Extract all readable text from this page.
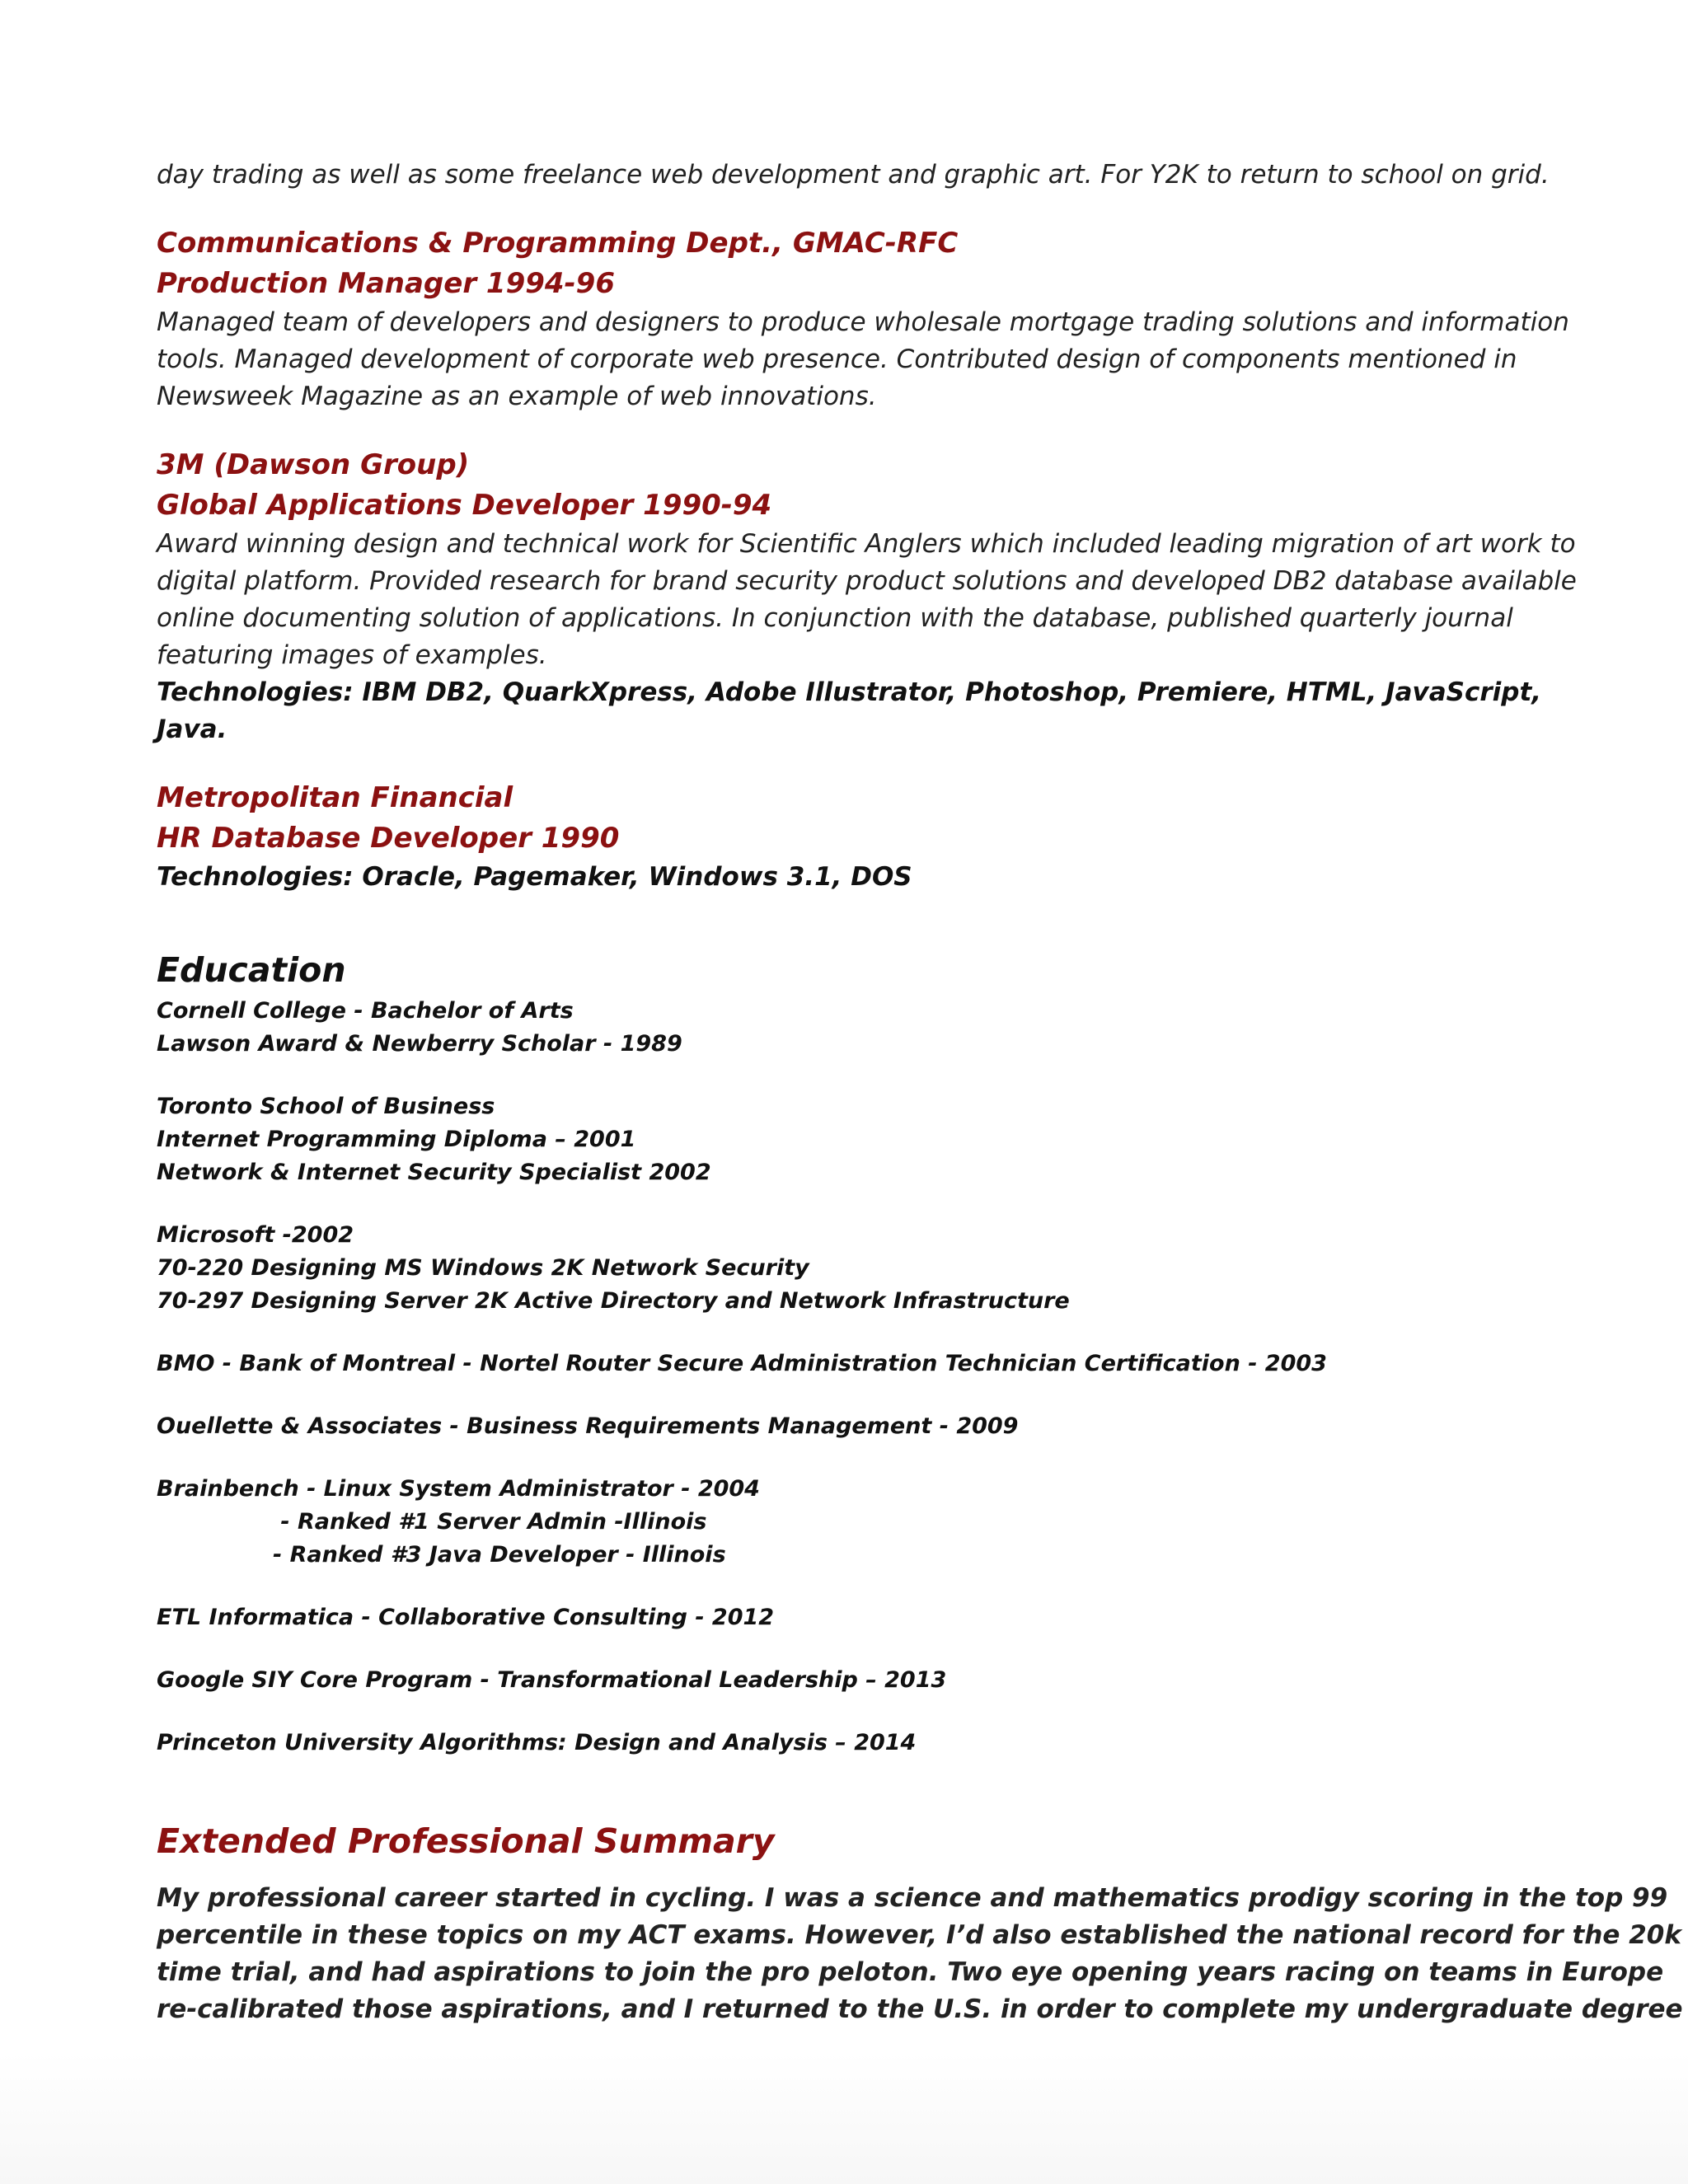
day trading as well as some freelance web development and graphic art. For Y2K to return to school on grid.

Communications & Programming Dept., GMAC-RFC

Production Manager 1994-96

Managed team of developers and designers to produce wholesale mortgage trading solutions and information
tools. Managed development of corporate web presence. Contributed design of components mentioned in
Newsweek Magazine as an example of web innovations.

3M (Dawson Group)

Global Applications Developer 1990-94

Award winning design and technical work for Scientific Anglers which included leading migration of art work to
digital platform. Provided research for brand security product solutions and developed DB2 database available
online documenting solution of applications. In conjunction with the database, published quarterly journal
featuring images of examples.

Technologies: IBM DB2, QuarkXpress, Adobe Illustrator, Photoshop, Premiere, HTML, JavaScript, Java.

Metropolitan Financial

HR Database Developer 1990

Technologies: Oracle, Pagemaker, Windows 3.1, DOS

Education

Cornell College - Bachelor of Arts

Lawson Award & Newberry Scholar - 1989

Toronto School of Business

Internet Programming Diploma – 2001

Network & Internet Security Specialist 2002

Microsoft -2002

70-220 Designing MS Windows 2K Network Security

70-297 Designing Server 2K Active Directory and Network Infrastructure

BMO - Bank of Montreal - Nortel Router Secure Administration Technician Certification - 2003

Ouellette & Associates - Business Requirements Management - 2009

Brainbench - Linux System Administrator - 2004

- Ranked #1 Server Admin -Illinois

- Ranked #3 Java Developer - Illinois

ETL Informatica - Collaborative Consulting - 2012

Google SIY Core Program - Transformational Leadership – 2013

Princeton University Algorithms: Design and Analysis – 2014

Extended Professional Summary

My professional career started in cycling. I was a science and mathematics prodigy scoring in the top 99
percentile in these topics on my ACT exams. However, I’d also established the national record for the 20k
time trial, and had aspirations to join the pro peloton. Two eye opening years racing on teams in Europe
re-calibrated those aspirations, and I returned to the U.S. in order to complete my undergraduate degree
